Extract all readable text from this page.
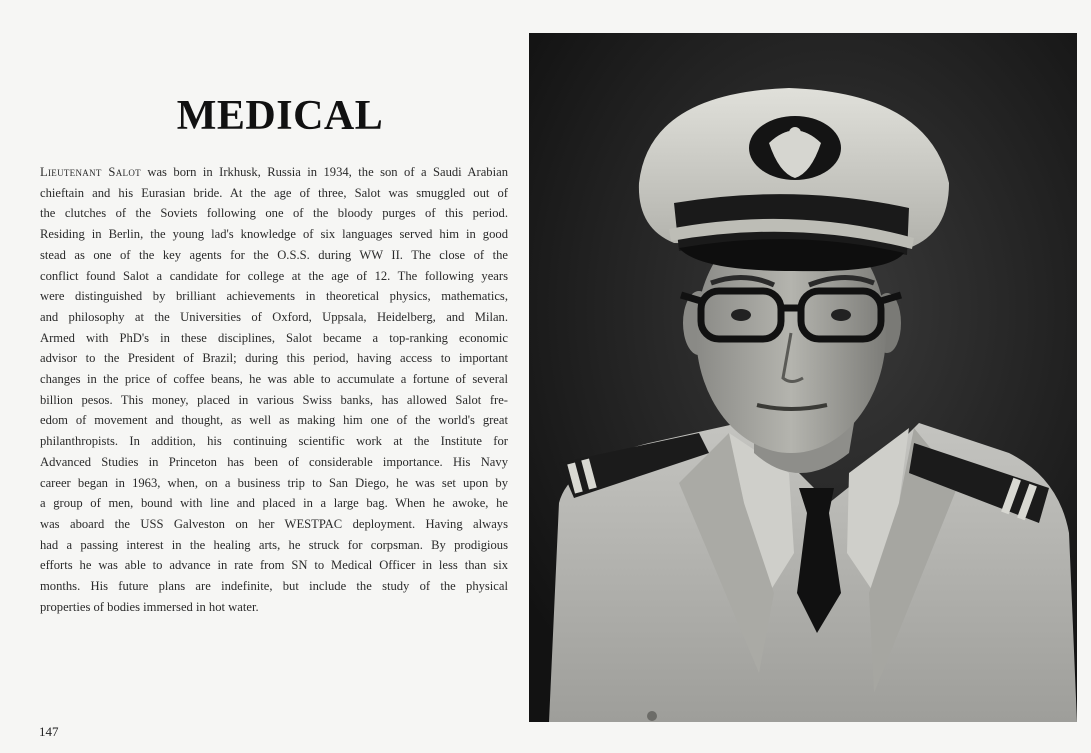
MEDICAL
Lieutenant Salot was born in Irkhusk, Russia in 1934, the son of a Saudi Arabian
chieftain and his Eurasian bride. At the age of three, Salot was smuggled out of
the clutches of the Soviets following one of the bloody purges of this period.
Residing in Berlin, the young lad's knowledge of six languages served him in good
stead as one of the key agents for the O.S.S. during WW II. The close of the
conflict found Salot a candidate for college at the age of 12. The following years
were distinguished by brilliant achievements in theoretical physics, mathematics,
and philosophy at the Universities of Oxford, Uppsala, Heidelberg, and Milan.
Armed with PhD's in these disciplines, Salot became a top-ranking economic
advisor to the President of Brazil; during this period, having access to important
changes in the price of coffee beans, he was able to accumulate a fortune of several
billion pesos. This money, placed in various Swiss banks, has allowed Salot fre-
edom of movement and thought, as well as making him one of the world's great
philanthropists. In addition, his continuing scientific work at the Institute for
Advanced Studies in Princeton has been of considerable importance. His Navy
career began in 1963, when, on a business trip to San Diego, he was set upon by
a group of men, bound with line and placed in a large bag. When he awoke, he
was aboard the USS Galveston on her WESTPAC deployment. Having always
had a passing interest in the healing arts, he struck for corpsman. By prodigious
efforts he was able to advance in rate from SN to Medical Officer in less than six
months. His future plans are indefinite, but include the study of the physical
properties of bodies immersed in hot water.
147
